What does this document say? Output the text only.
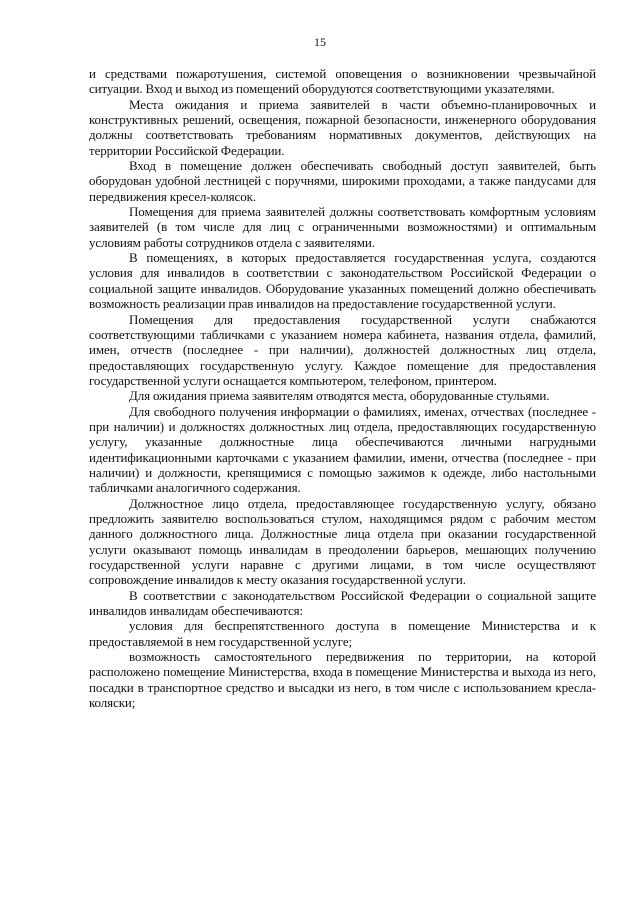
15

и средствами пожаротушения, системой оповещения о возникновении чрезвычайной ситуации. Вход и выход из помещений оборудуются соответствующими указателями.

Места ожидания и приема заявителей в части объемно-планировочных и конструктивных решений, освещения, пожарной безопасности, инженерного оборудования должны соответствовать требованиям нормативных документов, действующих на территории Российской Федерации.

Вход в помещение должен обеспечивать свободный доступ заявителей, быть оборудован удобной лестницей с поручнями, широкими проходами, а также пандусами для передвижения кресел-колясок.

Помещения для приема заявителей должны соответствовать комфортным условиям заявителей (в том числе для лиц с ограниченными возможностями) и оптимальным условиям работы сотрудников отдела с заявителями.

В помещениях, в которых предоставляется государственная услуга, создаются условия для инвалидов в соответствии с законодательством Российской Федерации о социальной защите инвалидов. Оборудование указанных помещений должно обеспечивать возможность реализации прав инвалидов на предоставление государственной услуги.

Помещения для предоставления государственной услуги снабжаются соответствующими табличками с указанием номера кабинета, названия отдела, фамилий, имен, отчеств (последнее - при наличии), должностей должностных лиц отдела, предоставляющих государственную услугу. Каждое помещение для предоставления государственной услуги оснащается компьютером, телефоном, принтером.

Для ожидания приема заявителям отводятся места, оборудованные стульями.

Для свободного получения информации о фамилиях, именах, отчествах (последнее - при наличии) и должностях должностных лиц отдела, предоставляющих государственную услугу, указанные должностные лица обеспечиваются личными нагрудными идентификационными карточками с указанием фамилии, имени, отчества (последнее - при наличии) и должности, крепящимися с помощью зажимов к одежде, либо настольными табличками аналогичного содержания.

Должностное лицо отдела, предоставляющее государственную услугу, обязано предложить заявителю воспользоваться стулом, находящимся рядом с рабочим местом данного должностного лица. Должностные лица отдела при оказании государственной услуги оказывают помощь инвалидам в преодолении барьеров, мешающих получению государственной услуги наравне с другими лицами, в том числе осуществляют сопровождение инвалидов к месту оказания государственной услуги.

В соответствии с законодательством Российской Федерации о социальной защите инвалидов инвалидам обеспечиваются:

условия для беспрепятственного доступа в помещение Министерства и к предоставляемой в нем государственной услуге;

возможность самостоятельного передвижения по территории, на которой расположено помещение Министерства, входа в помещение Министерства и выхода из него, посадки в транспортное средство и высадки из него, в том числе с использованием кресла-коляски;
